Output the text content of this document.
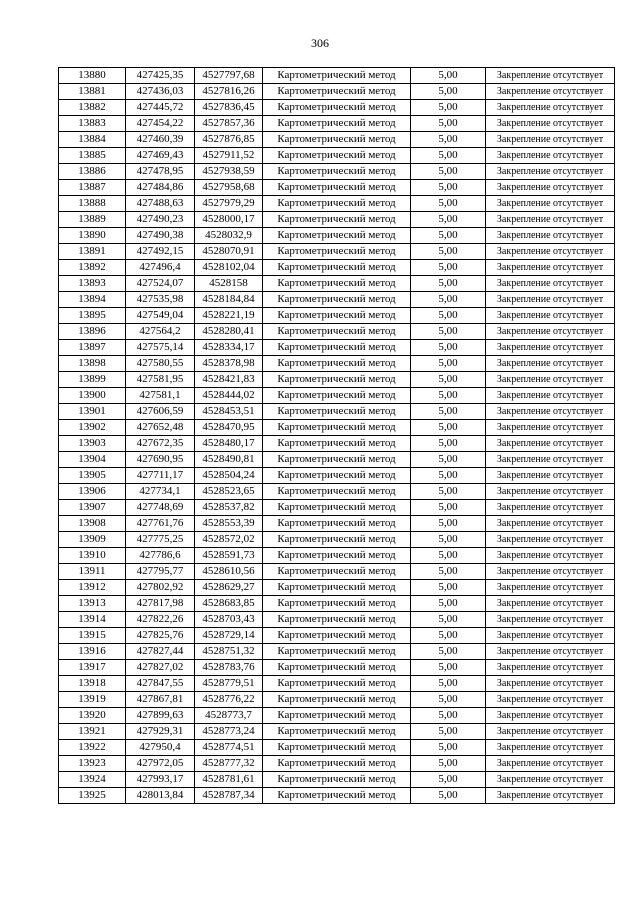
306
13880	427425,35	4527797,68	Картометрический метод	5,00	Закрепление отсутствует
13881	427436,03	4527816,26	Картометрический метод	5,00	Закрепление отсутствует
13882	427445,72	4527836,45	Картометрический метод	5,00	Закрепление отсутствует
13883	427454,22	4527857,36	Картометрический метод	5,00	Закрепление отсутствует
13884	427460,39	4527876,85	Картометрический метод	5,00	Закрепление отсутствует
13885	427469,43	4527911,52	Картометрический метод	5,00	Закрепление отсутствует
13886	427478,95	4527938,59	Картометрический метод	5,00	Закрепление отсутствует
13887	427484,86	4527958,68	Картометрический метод	5,00	Закрепление отсутствует
13888	427488,63	4527979,29	Картометрический метод	5,00	Закрепление отсутствует
13889	427490,23	4528000,17	Картометрический метод	5,00	Закрепление отсутствует
13890	427490,38	4528032,9	Картометрический метод	5,00	Закрепление отсутствует
13891	427492,15	4528070,91	Картометрический метод	5,00	Закрепление отсутствует
13892	427496,4	4528102,04	Картометрический метод	5,00	Закрепление отсутствует
13893	427524,07	4528158	Картометрический метод	5,00	Закрепление отсутствует
13894	427535,98	4528184,84	Картометрический метод	5,00	Закрепление отсутствует
13895	427549,04	4528221,19	Картометрический метод	5,00	Закрепление отсутствует
13896	427564,2	4528280,41	Картометрический метод	5,00	Закрепление отсутствует
13897	427575,14	4528334,17	Картометрический метод	5,00	Закрепление отсутствует
13898	427580,55	4528378,98	Картометрический метод	5,00	Закрепление отсутствует
13899	427581,95	4528421,83	Картометрический метод	5,00	Закрепление отсутствует
13900	427581,1	4528444,02	Картометрический метод	5,00	Закрепление отсутствует
13901	427606,59	4528453,51	Картометрический метод	5,00	Закрепление отсутствует
13902	427652,48	4528470,95	Картометрический метод	5,00	Закрепление отсутствует
13903	427672,35	4528480,17	Картометрический метод	5,00	Закрепление отсутствует
13904	427690,95	4528490,81	Картометрический метод	5,00	Закрепление отсутствует
13905	427711,17	4528504,24	Картометрический метод	5,00	Закрепление отсутствует
13906	427734,1	4528523,65	Картометрический метод	5,00	Закрепление отсутствует
13907	427748,69	4528537,82	Картометрический метод	5,00	Закрепление отсутствует
13908	427761,76	4528553,39	Картометрический метод	5,00	Закрепление отсутствует
13909	427775,25	4528572,02	Картометрический метод	5,00	Закрепление отсутствует
13910	427786,6	4528591,73	Картометрический метод	5,00	Закрепление отсутствует
13911	427795,77	4528610,56	Картометрический метод	5,00	Закрепление отсутствует
13912	427802,92	4528629,27	Картометрический метод	5,00	Закрепление отсутствует
13913	427817,98	4528683,85	Картометрический метод	5,00	Закрепление отсутствует
13914	427822,26	4528703,43	Картометрический метод	5,00	Закрепление отсутствует
13915	427825,76	4528729,14	Картометрический метод	5,00	Закрепление отсутствует
13916	427827,44	4528751,32	Картометрический метод	5,00	Закрепление отсутствует
13917	427827,02	4528783,76	Картометрический метод	5,00	Закрепление отсутствует
13918	427847,55	4528779,51	Картометрический метод	5,00	Закрепление отсутствует
13919	427867,81	4528776,22	Картометрический метод	5,00	Закрепление отсутствует
13920	427899,63	4528773,7	Картометрический метод	5,00	Закрепление отсутствует
13921	427929,31	4528773,24	Картометрический метод	5,00	Закрепление отсутствует
13922	427950,4	4528774,51	Картометрический метод	5,00	Закрепление отсутствует
13923	427972,05	4528777,32	Картометрический метод	5,00	Закрепление отсутствует
13924	427993,17	4528781,61	Картометрический метод	5,00	Закрепление отсутствует
13925	428013,84	4528787,34	Картометрический метод	5,00	Закрепление отсутствует
